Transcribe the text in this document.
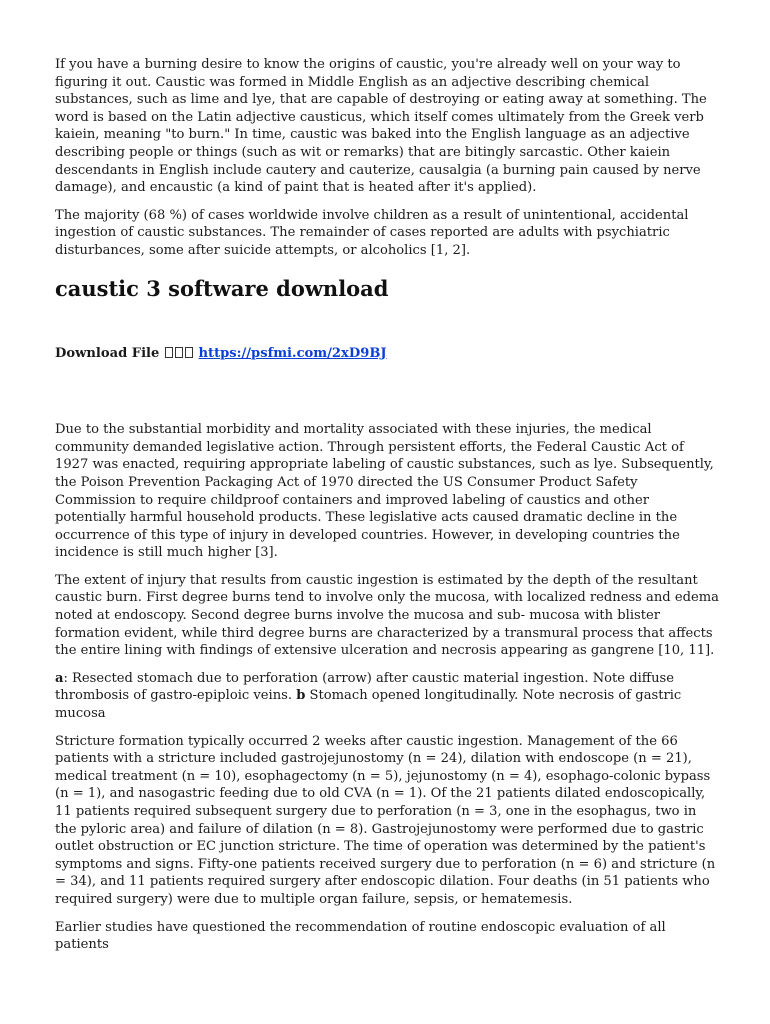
If you have a burning desire to know the origins of caustic, you're already well on your way to figuring it out. Caustic was formed in Middle English as an adjective describing chemical substances, such as lime and lye, that are capable of destroying or eating away at something. The word is based on the Latin adjective causticus, which itself comes ultimately from the Greek verb kaiein, meaning "to burn." In time, caustic was baked into the English language as an adjective describing people or things (such as wit or remarks) that are bitingly sarcastic. Other kaiein descendants in English include cautery and cauterize, causalgia (a burning pain caused by nerve damage), and encaustic (a kind of paint that is heated after it's applied).

The majority (68 %) of cases worldwide involve children as a result of unintentional, accidental ingestion of caustic substances. The remainder of cases reported are adults with psychiatric disturbances, some after suicide attempts, or alcoholics [1, 2].

caustic 3 software download
Download File	https://psfmi.com/2xD9BJ

Due to the substantial morbidity and mortality associated with these injuries, the medical community demanded legislative action. Through persistent efforts, the Federal Caustic Act of 1927 was enacted, requiring appropriate labeling of caustic substances, such as lye. Subsequently, the Poison Prevention Packaging Act of 1970 directed the US Consumer Product Safety Commission to require childproof containers and improved labeling of caustics and other potentially harmful household products. These legislative acts caused dramatic decline in the occurrence of this type of injury in developed countries. However, in developing countries the incidence is still much higher [3].

The extent of injury that results from caustic ingestion is estimated by the depth of the resultant caustic burn. First degree burns tend to involve only the mucosa, with localized redness and edema noted at endoscopy. Second degree burns involve the mucosa and sub- mucosa with blister formation evident, while third degree burns are characterized by a transmural process that affects the entire lining with findings of extensive ulceration and necrosis appearing as gangrene [10, 11].

a: Resected stomach due to perforation (arrow) after caustic material ingestion. Note diffuse thrombosis of gastro-epiploic veins. b Stomach opened longitudinally. Note necrosis of gastric mucosa

Stricture formation typically occurred 2 weeks after caustic ingestion. Management of the 66 patients with a stricture included gastrojejunostomy (n = 24), dilation with endoscope (n = 21), medical treatment (n = 10), esophagectomy (n = 5), jejunostomy (n = 4), esophago-colonic bypass (n = 1), and nasogastric feeding due to old CVA (n = 1). Of the 21 patients dilated endoscopically, 11 patients required subsequent surgery due to perforation (n = 3, one in the esophagus, two in the pyloric area) and failure of dilation (n = 8). Gastrojejunostomy were performed due to gastric outlet obstruction or EC junction stricture. The time of operation was determined by the patient's symptoms and signs. Fifty-one patients received surgery due to perforation (n = 6) and stricture (n = 34), and 11 patients required surgery after endoscopic dilation. Four deaths (in 51 patients who required surgery) were due to multiple organ failure, sepsis, or hematemesis.

Earlier studies have questioned the recommendation of routine endoscopic evaluation of all patients
